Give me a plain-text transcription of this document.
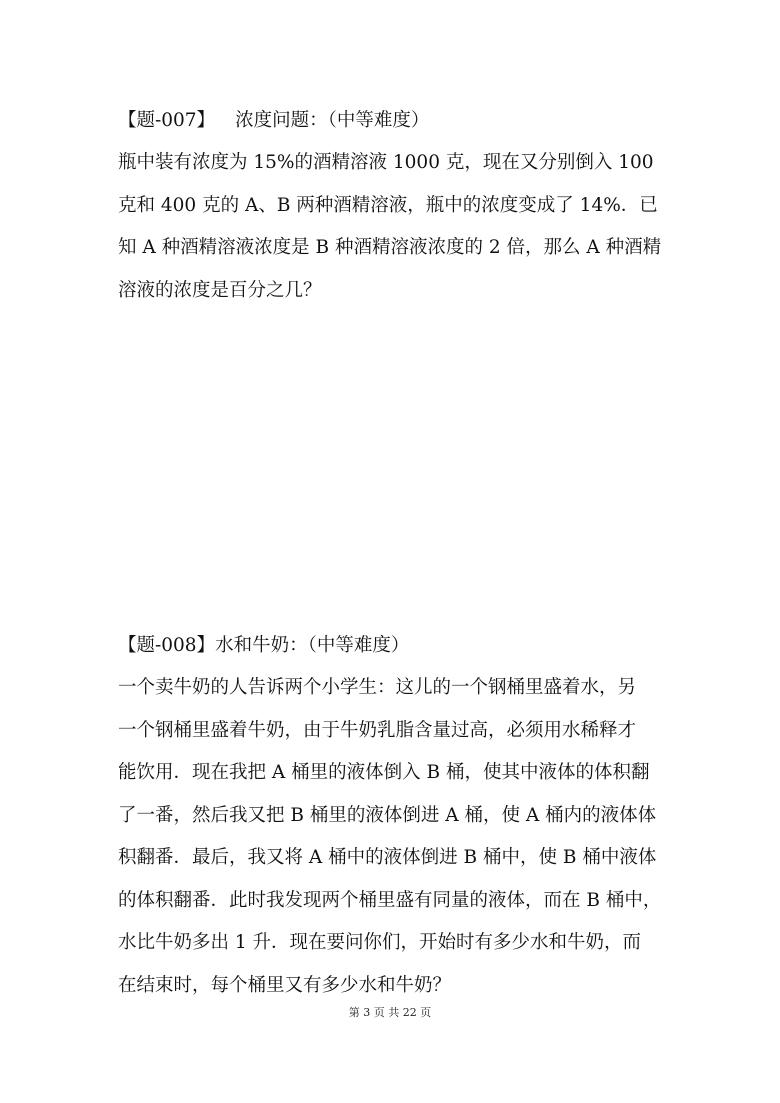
【题-007】 浓度问题：（中等难度）
瓶中装有浓度为 15%的酒精溶液 1000 克，现在又分别倒入 100
克和 400 克的 A、B 两种酒精溶液，瓶中的浓度变成了 14%．已
知 A 种酒精溶液浓度是 B 种酒精溶液浓度的 2 倍，那么 A 种酒精
溶液的浓度是百分之几？
【题-008】水和牛奶：（中等难度）
一个卖牛奶的人告诉两个小学生：这儿的一个钢桶里盛着水，另
一个钢桶里盛着牛奶，由于牛奶乳脂含量过高，必须用水稀释才
能饮用．现在我把 A 桶里的液体倒入 B 桶，使其中液体的体积翻
了一番，然后我又把 B 桶里的液体倒进 A 桶，使 A 桶内的液体体
积翻番．最后，我又将 A 桶中的液体倒进 B 桶中，使 B 桶中液体
的体积翻番．此时我发现两个桶里盛有同量的液体，而在 B 桶中，
水比牛奶多出 1 升．现在要问你们，开始时有多少水和牛奶，而
在结束时，每个桶里又有多少水和牛奶？
第 3 页 共 22 页
